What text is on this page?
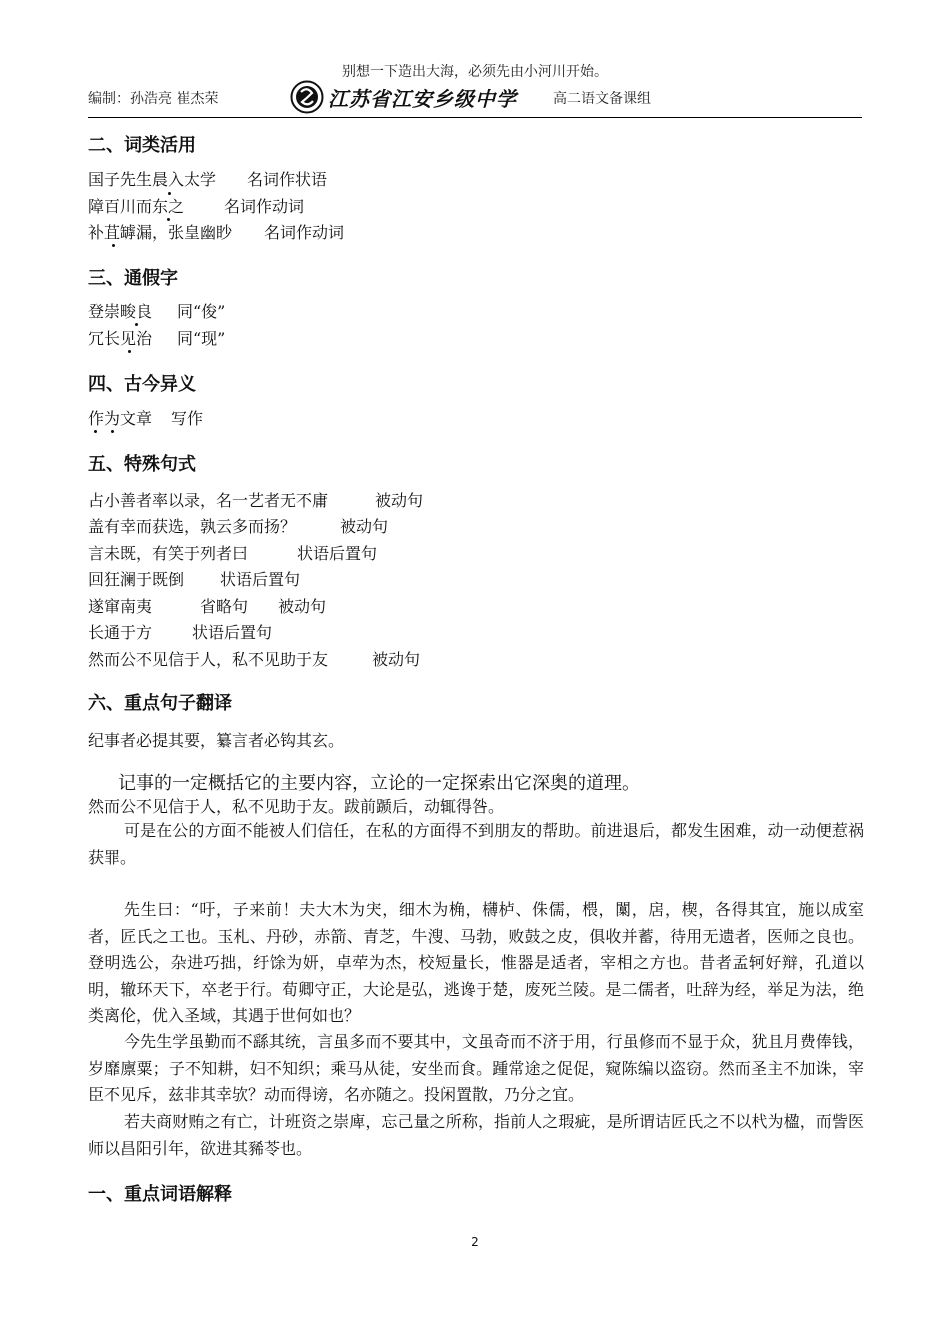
别想一下造出大海，必须先由小河川开始。
编制：孙浩亮 崔杰荣	江苏省江安乡级中学	高二语文备课组
二、词类活用
国子先生晨入太学 名词作状语
障百川而东之 名词作动词
补苴罅漏，张皇幽眇 名词作动词
三、通假字
登崇畯良 同“俊”
冗长见治 同“现”
四、古今异义
作为文章 写作
五、特殊句式
占小善者率以录，名一艺者无不庸	被动句
盖有幸而获选，孰云多而扬？	被动句
言未既，有笑于列者曰	状语后置句
回狂澜于既倒 状语后置句
遂窜南夷	省略句 被动句
长通于方 状语后置句
然而公不见信于人，私不见助于友	被动句
六、重点句子翻译
纪事者必提其要，纂言者必钩其玄。
记事的一定概括它的主要内容，立论的一定探索出它深奥的道理。
然而公不见信于人，私不见助于友。跋前踬后，动辄得咎。

可是在公的方面不能被人们信任，在私的方面得不到朋友的帮助。前进退后，都发生困难，动一动便惹祸获罪。

先生曰：“吁，子来前！夫大木为宊，细木为桷，欂栌、侏儒，椳，闑，扂，楔，各得其宜，施以成室者，匠氏之工也。玉札、丹砂，赤箭、青芝，牛溲、马勃，败鼓之皮，俱收并蓄，待用无遗者，医师之良也。登明选公，杂进巧拙，纡馀为妍，卓荦为杰，校短量长，惟器是适者，宰相之方也。昔者孟轲好辩，孔道以明，辙环天下，卒老于行。荀卿守正，大论是弘，逃谗于楚，废死兰陵。是二儒者，吐辞为经，举足为法，绝类离伦，优入圣域，其遇于世何如也？

今先生学虽勤而不繇其统，言虽多而不要其中，文虽奇而不济于用，行虽修而不显于众，犹且月费俸钱，岁靡廪粟；子不知耕，妇不知织；乘马从徒，安坐而食。踵常途之促促，窥陈编以盗窃。然而圣主不加诛，宰臣不见斥，兹非其幸欤？动而得谤，名亦随之。投闲置散，乃分之宜。

若夫商财贿之有亡，计班资之崇庳，忘己量之所称，指前人之瑕疵，是所谓诘匠氏之不以杙为楹，而訾医师以昌阳引年，欲进其豨苓也。

一、重点词语解释
2
